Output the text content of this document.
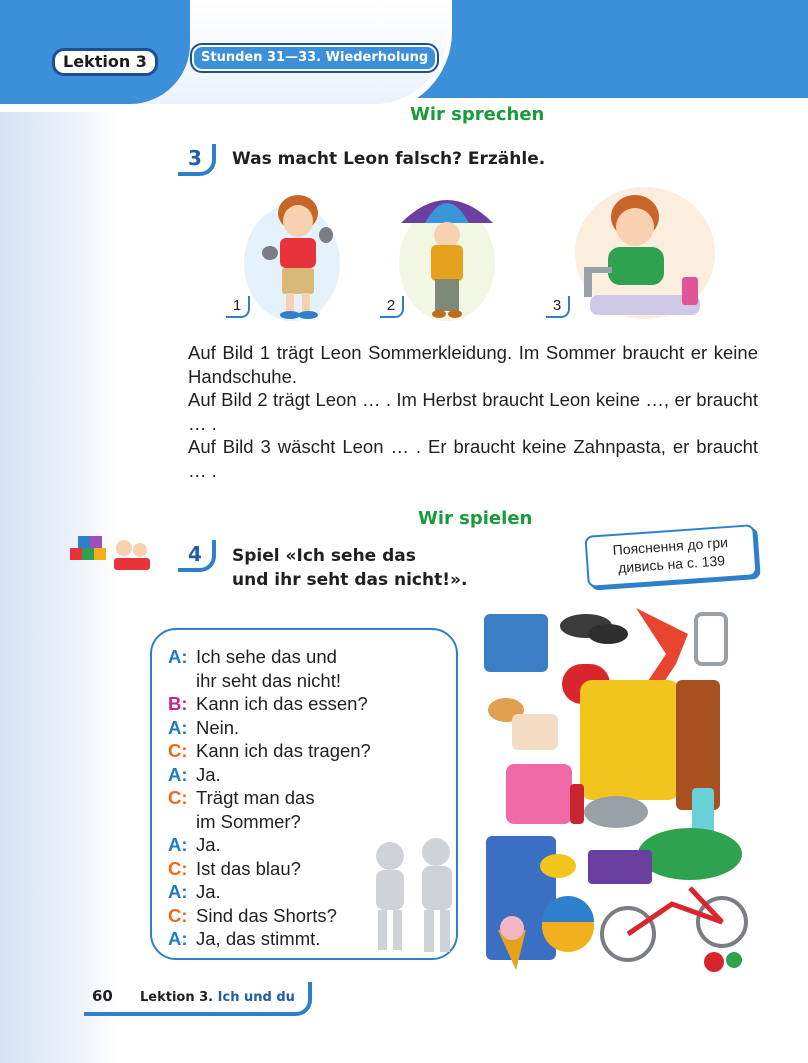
Lektion 3	Stunden 31—33. Wiederholung
Wir sprechen
3	Was macht Leon falsch? Erzähle.
1	2	3
Auf Bild 1 trägt Leon Sommerkleidung. Im Sommer braucht er keine Handschuhe.
Auf Bild 2 trägt Leon … . Im Herbst braucht Leon keine …, er braucht … .
Auf Bild 3 wäscht Leon … . Er braucht keine Zahnpasta, er braucht … .
Wir spielen
4	Spiel «Ich sehe das
und ihr seht das nicht!».
Пояснення до гри
дивись на с. 139
A: Ich sehe das und
ihr seht das nicht!
B: Kann ich das essen?
A: Nein.
C: Kann ich das tragen?
A: Ja.
C: Trägt man das
im Sommer?
A: Ja.
C: Ist das blau?
A: Ja.
C: Sind das Shorts?
A: Ja, das stimmt.
60 Lektion 3. Ich und du
